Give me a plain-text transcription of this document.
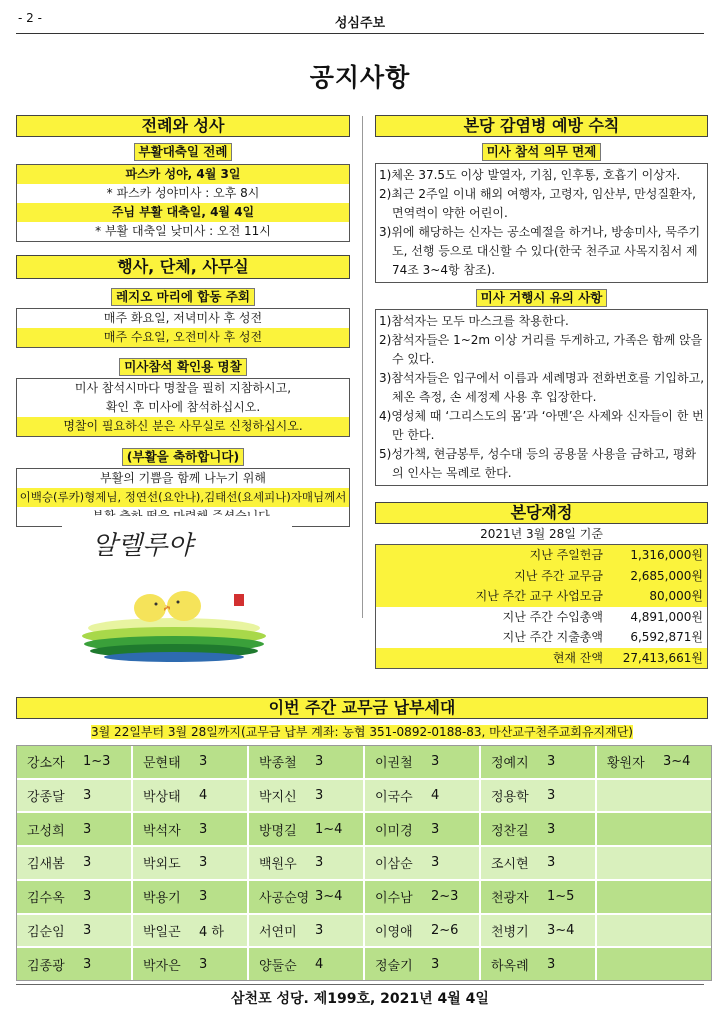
- 2 -	성심주보
공지사항
전례와 성사
부활대축일 전례
파스카 성야, 4월 3일
* 파스카 성야미사 : 오후 8시
주님 부활 대축일, 4월 4일
* 부활 대축일 낮미사 : 오전 11시
행사, 단체, 사무실
레지오 마리에 합동 주회
매주 화요일, 저녁미사 후 성전
매주 수요일, 오전미사 후 성전
미사참석 확인용 명찰
미사 참석시마다 명찰을 필히 지참하시고,
확인 후 미사에 참석하십시오.
명찰이 필요하신 분은 사무실로 신청하십시오.
(부활을 축하합니다)
부활의 기쁨을 함께 나누기 위해
이백승(루카)형제님, 정연선(요안나),김태선(요세피나)자매님께서
알렐루야
본당 감염병 예방 수칙
미사 참석 의무 면제
1)체온 37.5도 이상 발열자, 기침, 인후통, 호흡기 이상자.
2)최근 2주일 이내 해외 여행자, 고령자, 임산부, 만성질환자, 면역력이 약한 어린이.
3)위에 해당하는 신자는 공소예절을 하거나, 방송미사, 묵주기도, 선행 등으로 대신할 수 있다(한국 천주교 사목지침서 제74조 3~4항 참조).
미사 거행시 유의 사항
1)참석자는 모두 마스크를 착용한다.
2)참석자들은 1~2m 이상 거리를 두게하고, 가족은 함께 앉을 수 있다.
3)참석자들은 입구에서 이름과 세례명과 전화번호를 기입하고, 체온 측정, 손 세정제 사용 후 입장한다.
4)영성체 때 ‘그리스도의 몸’과 ‘아멘’은 사제와 신자들이 한 번만 한다.
5)성가책, 현금봉투, 성수대 등의 공용물 사용을 금하고, 평화의 인사는 목례로 한다.
본당재정
2021년 3월 28일 기준
지난 주일헌금	1,316,000원
지난 주간 교무금	2,685,000원
지난 주간 교구 사업모금	80,000원
지난 주간 수입총액	4,891,000원
지난 주간 지출총액	6,592,871원
현재 잔액	27,413,661원
이번 주간 교무금 납부세대
3월 22일부터 3월 28일까지(교무금 납부 계좌: 농협 351-0892-0188-83, 마산교구천주교회유지재단)
강소자	1~3	문현태	3	박종철	3	이권철	3	정예지	3	황원자	3~4
강종달	3	박상태	4	박지신	3	이국수	4	정용학	3
고성희	3	박석자	3	방명길	1~4	이미경	3	정찬길	3
김새봄	3	박외도	3	백원우	3	이삼순	3	조시현	3
김수옥	3	박용기	3	사공순영 3~4	이수남	2~3	천광자	1~5
김순임	3	박일곤	4 하	서연미	3	이영애	2~6	천병기	3~4
김종광	3	박자은	3	양둘순	4	정술기	3	하옥례	3
삼천포 성당. 제199호, 2021년 4월 4일
